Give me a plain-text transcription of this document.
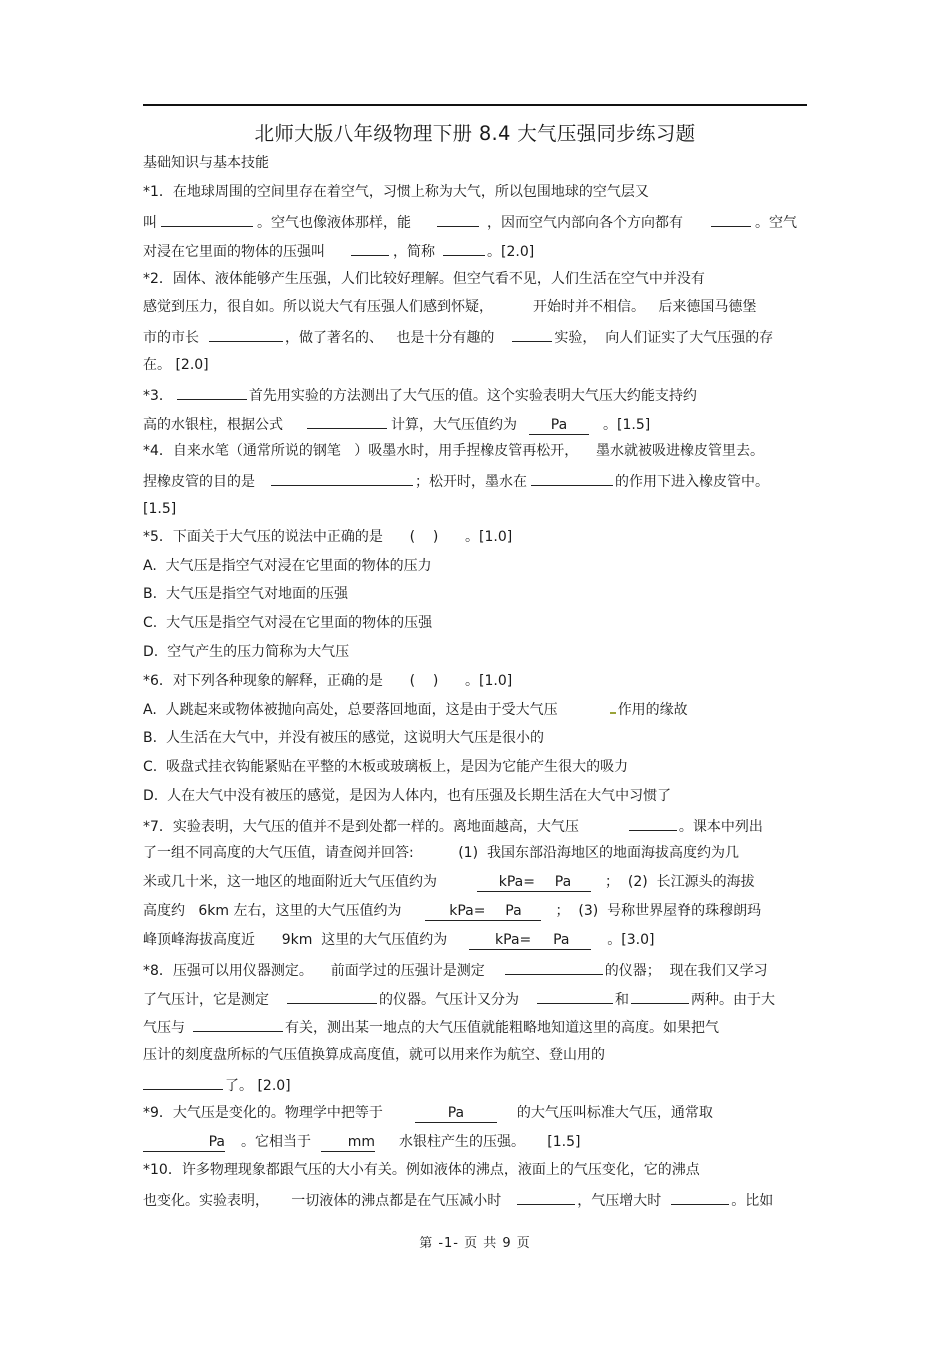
北师大版八年级物理下册 8.4 大气压强同步练习题
基础知识与基本技能
*1．在地球周围的空间里存在着空气，习惯上称为大气，所以包围地球的空气层又
叫	。空气也像液体那样，能	，因而空气内部向各个方向都有	。空气
对浸在它里面的物体的压强叫	，简称	。[2.0]
*2．固体、液体能够产生压强，人们比较好理解。但空气看不见，人们生活在空气中并没有
感觉到压力，很自如。所以说大气有压强人们感到怀疑，         开始时并不相信。   后来德国马德堡
市的市长	，做了著名的、   也是十分有趣的	实验，  向人们证实了大气压强的存
在。 [2.0]
*3．	首先用实验的方法测出了大气压的值。这个实验表明大气压大约能支持约
高的水银柱，根据公式	计算，大气压值约为 Pa	。[1.5]
*4．自来水笔（通常所说的钢笔   ）吸墨水时，用手捏橡皮管再松开，    墨水就被吸进橡皮管里去。
捏橡皮管的目的是	；松开时，墨水在	的作用下进入橡皮管中。
[1.5]
*5．下面关于大气压的说法中正确的是      (    )      。[1.0]
A.  大气压是指空气对浸在它里面的物体的压力
B.  大气压是指空气对地面的压强
C.  大气压是指空气对浸在它里面的物体的压强
D.  空气产生的压力简称为大气压
*6．对下列各种现象的解释，正确的是      (    )      。[1.0]
A.  人跳起来或物体被抛向高处，总要落回地面，这是由于受大气压	作用的缘故
B.  人生活在大气中，并没有被压的感觉，这说明大气压是很小的
C.  吸盘式挂衣钩能紧贴在平整的木板或玻璃板上，是因为它能产生很大的吸力
D.  人在大气中没有被压的感觉，是因为人体内，也有压强及长期生活在大气中习惯了
*7．实验表明，大气压的值并不是到处都一样的。离地面越高，大气压	。课本中列出
了一组不同高度的大气压值，请查阅并回答:          (1)  我国东部沿海地区的地面海拔高度约为几
米或几十米，这一地区的地面附近大气压值约为	kPa= Pa ；  (2)  长江源头的海拔
高度约   6km 左右，这里的大气压值约为	kPa= Pa ；  (3)  号称世界屋脊的珠穆朗玛
峰顶峰海拔高度近      9km  这里的大气压值约为	kPa= Pa	。[3.0]
*8．压强可以用仪器测定。    前面学过的压强计是测定	的仪器；  现在我们又学习
了气压计，它是测定	的仪器。气压计又分为	和	两种。由于大
气压与	有关，测出某一地点的大气压值就能粗略地知道这里的高度。如果把气
压计的刻度盘所标的气压值换算成高度值，就可以用来作为航空、登山用的
了。 [2.0]
*9．大气压是变化的。物理学中把等于	Pa	的大气压叫标准大气压，通常取
Pa 。它相当于	mm 水银柱产生的压强。     [1.5]
*10．许多物理现象都跟气压的大小有关。例如液体的沸点，液面上的气压变化，它的沸点
也变化。实验表明，     一切液体的沸点都是在气压减小时	，气压增大时	。比如
第 -1- 页 共 9 页
